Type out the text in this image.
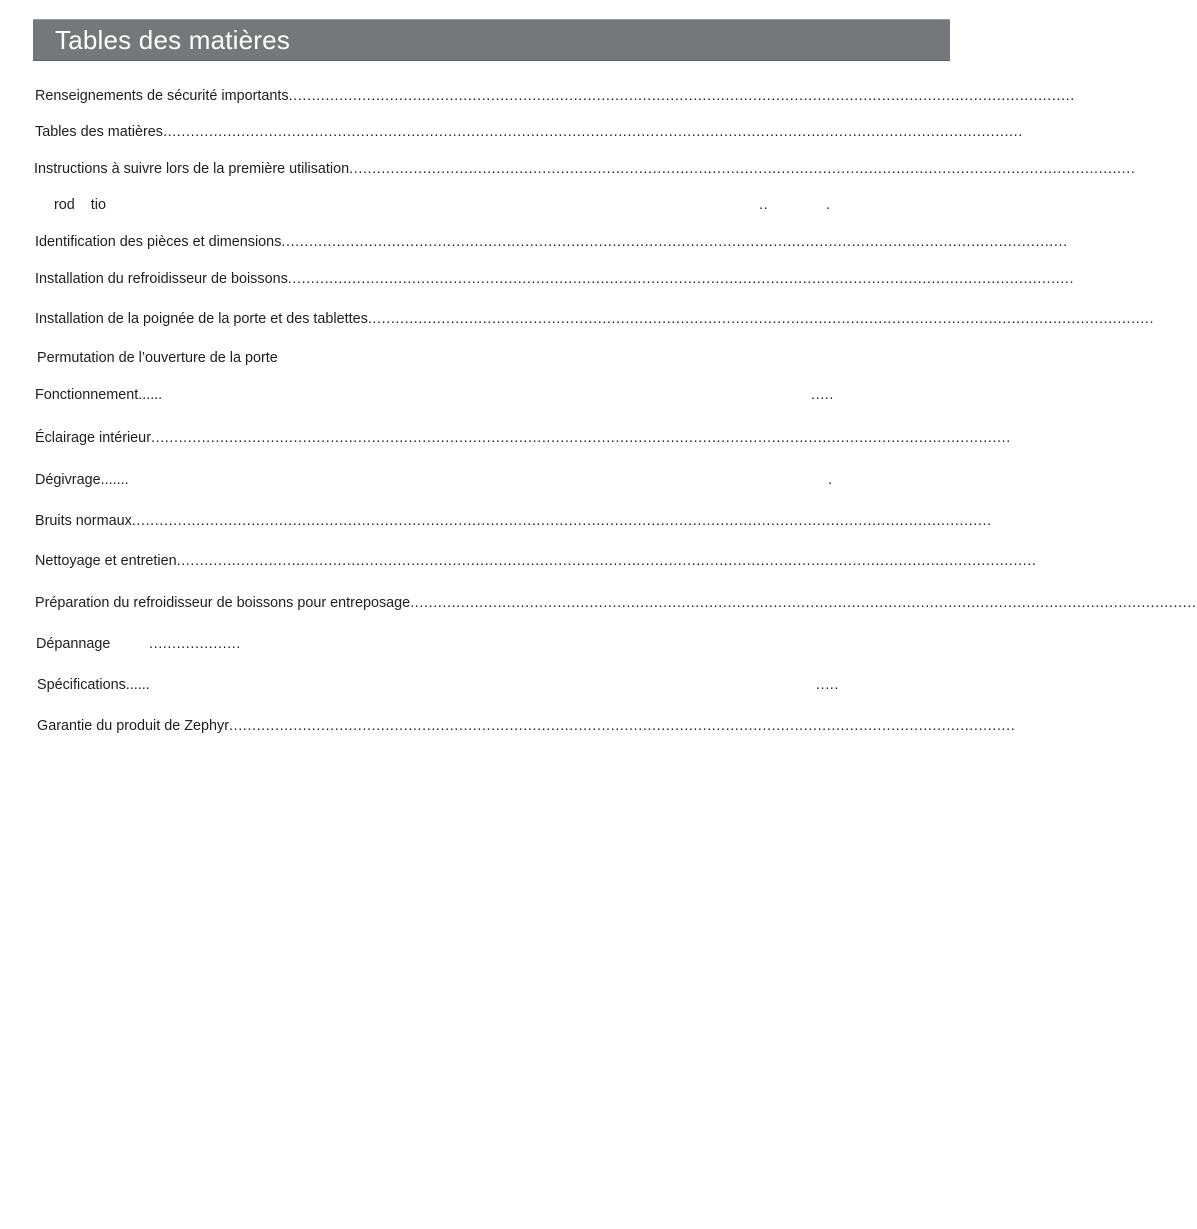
Tables des matières
Renseignements de sécurité importants ...........................................................................................................................................................................
Tables des matières ...........................................................................................................................................................................................
Instructions à suivre lors de la première utilisation ...........................................................................................................................................................................
rod    tio	..	.
Identification des pièces et dimensions ...........................................................................................................................................................................
Installation du refroidisseur de boissons ...........................................................................................................................................................................
Installation de la poignée de la porte et des tablettes ...........................................................................................................................................................................
Permutation de l’ouverture de la porte
Fonctionnement......	.....
Éclairage intérieur ...........................................................................................................................................................................................
Dégivrage.......	.
Bruits normaux ...........................................................................................................................................................................................
Nettoyage et entretien ...........................................................................................................................................................................................
Préparation du refroidisseur de boissons pour entreposage ...........................................................................................................................................................................
Dépannage	....................
Spécifications......	.....
Garantie du produit de Zephyr ...........................................................................................................................................................................
